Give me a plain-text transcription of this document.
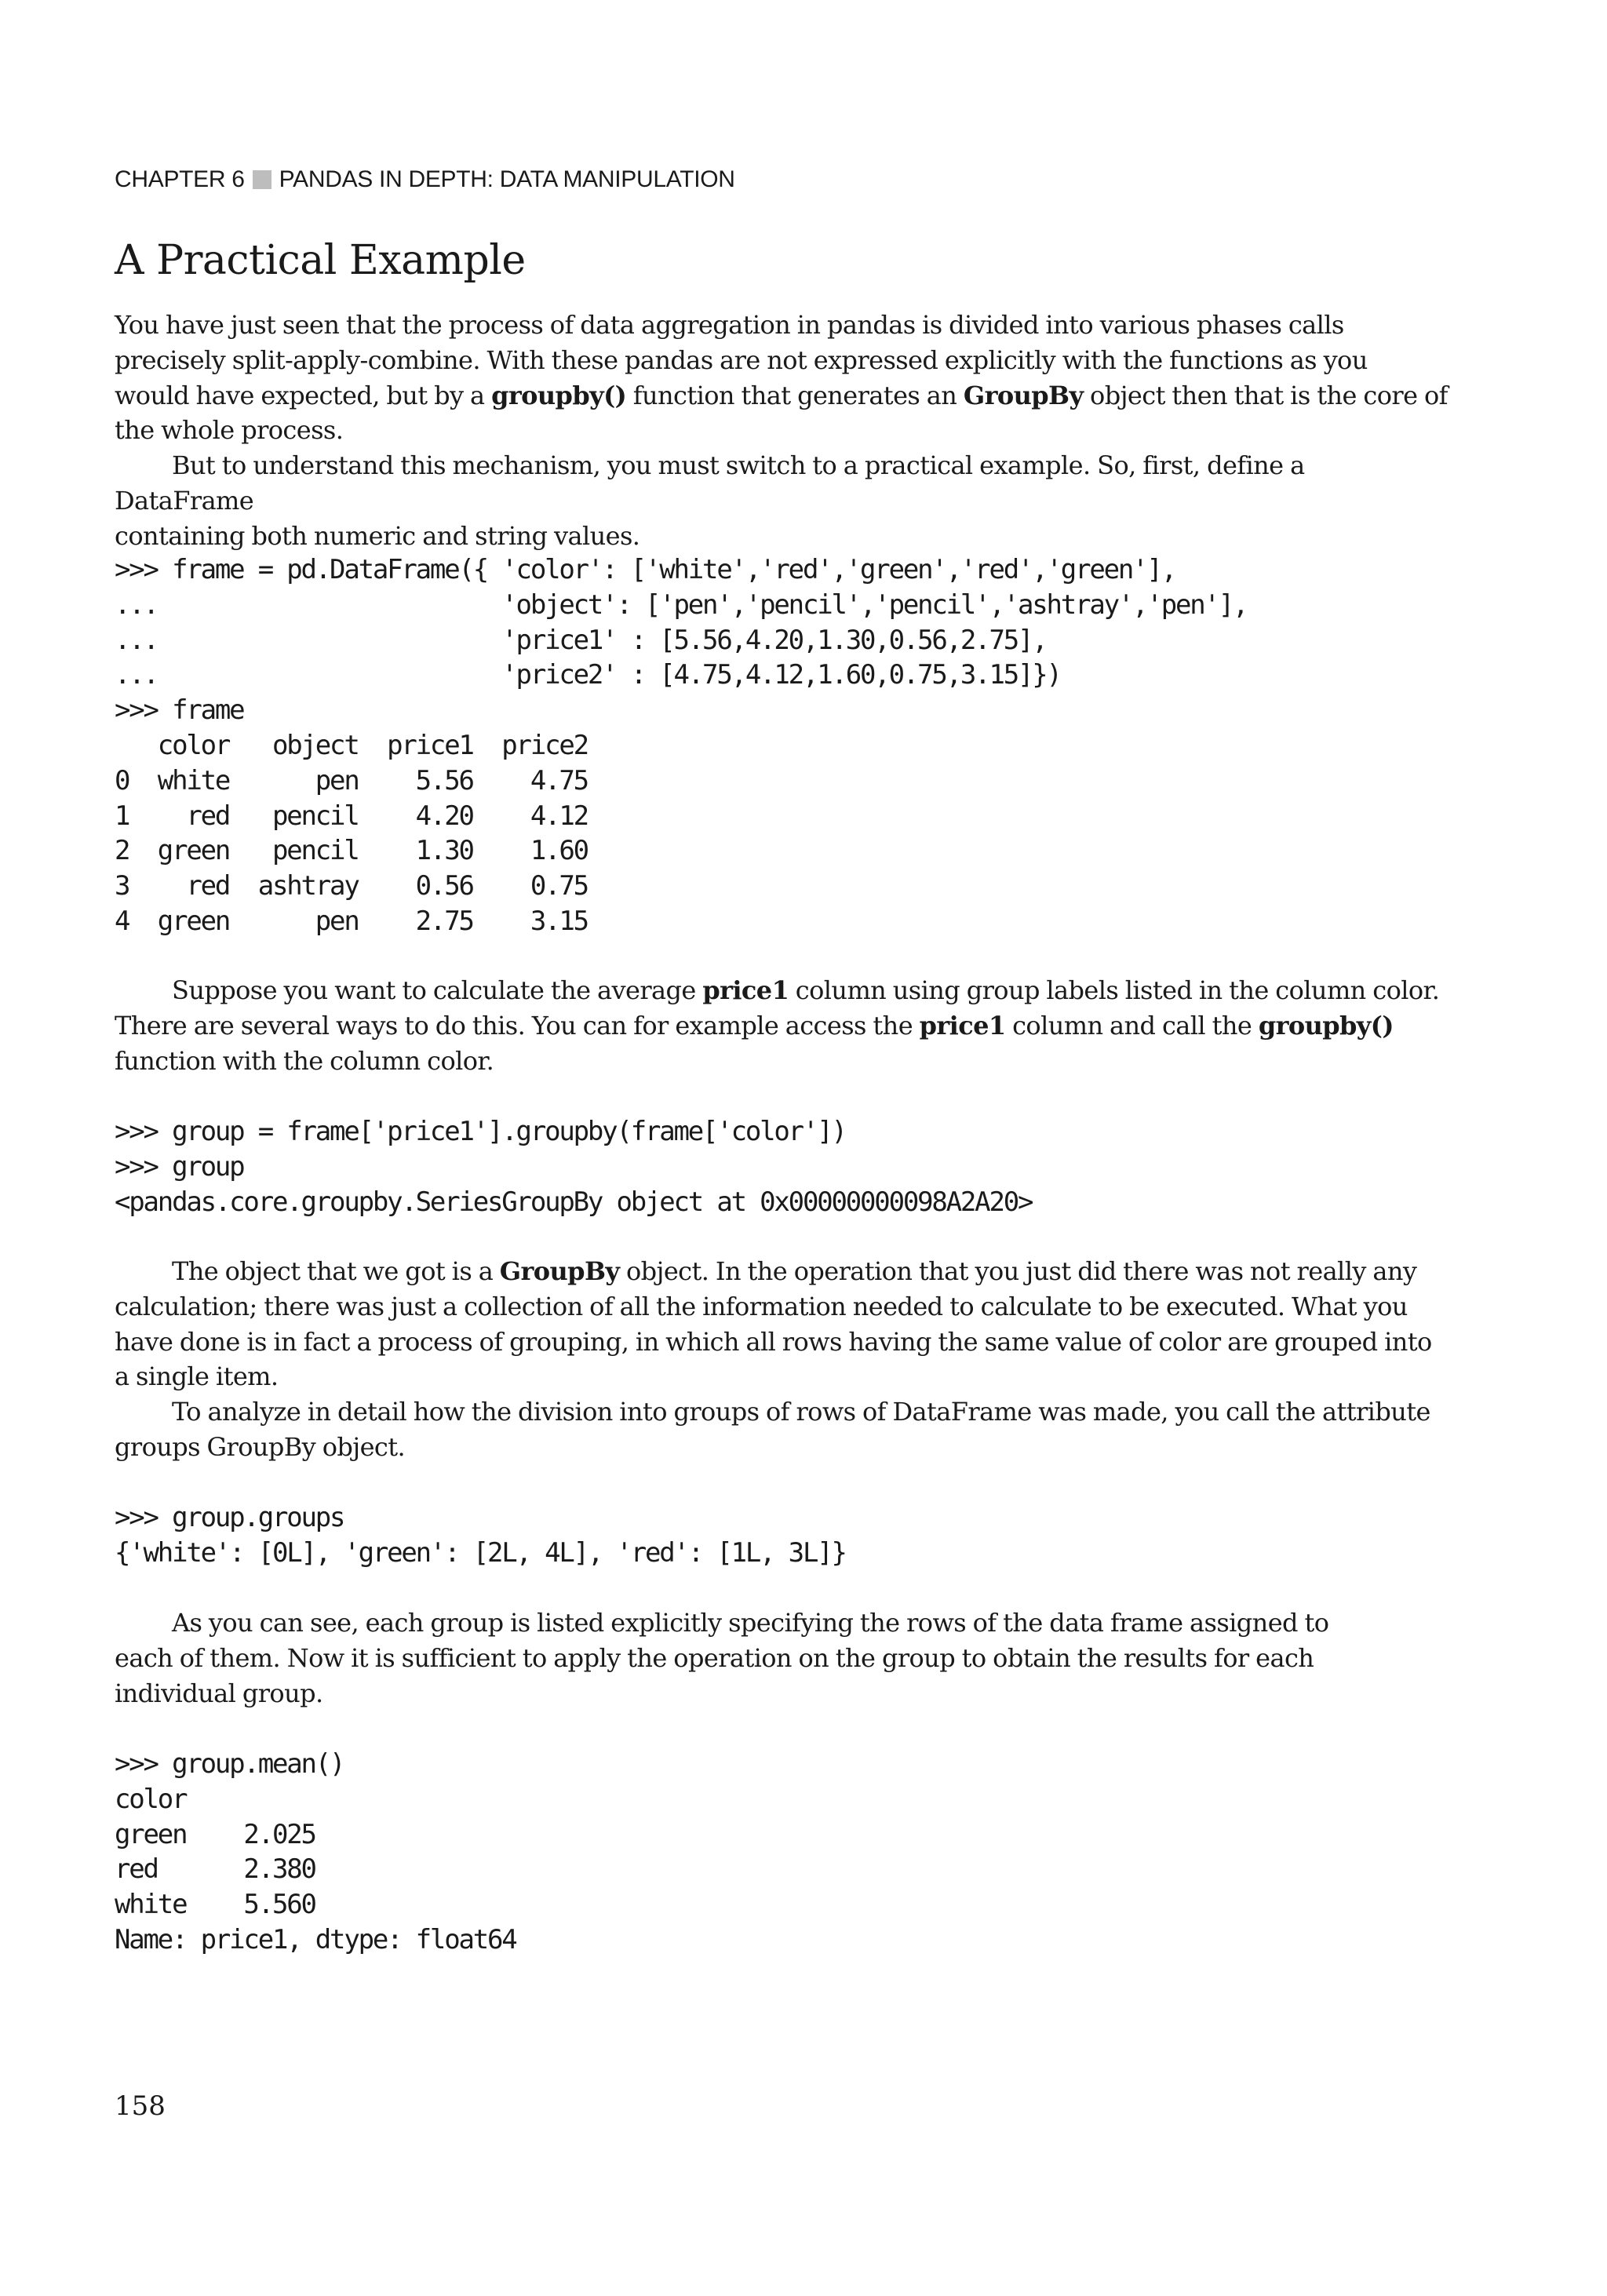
CHAPTER 6 PANDAS IN DEPTH: DATA MANIPULATION
A Practical Example

You have just seen that the process of data aggregation in pandas is divided into various phases calls
precisely split-apply-combine. With these pandas are not expressed explicitly with the functions as you
would have expected, but by a groupby() function that generates an GroupBy object then that is the core of
the whole process.

But to understand this mechanism, you must switch to a practical example. So, first, define a DataFrame
containing both numeric and string values.

>>> frame = pd.DataFrame({ 'color': ['white','red','green','red','green'],
...                        'object': ['pen','pencil','pencil','ashtray','pen'],
...                        'price1' : [5.56,4.20,1.30,0.56,2.75],
...                        'price2' : [4.75,4.12,1.60,0.75,3.15]})
>>> frame
color   object  price1  price2
0  white      pen    5.56    4.75
1    red   pencil    4.20    4.12
2  green   pencil    1.30    1.60
3    red  ashtray    0.56    0.75
4  green      pen    2.75    3.15

Suppose you want to calculate the average price1 column using group labels listed in the column color.
There are several ways to do this. You can for example access the price1 column and call the groupby()
function with the column color.

>>> group = frame['price1'].groupby(frame['color'])
>>> group
<pandas.core.groupby.SeriesGroupBy object at 0x00000000098A2A20>

The object that we got is a GroupBy object. In the operation that you just did there was not really any
calculation; there was just a collection of all the information needed to calculate to be executed. What you
have done is in fact a process of grouping, in which all rows having the same value of color are grouped into
a single item.

To analyze in detail how the division into groups of rows of DataFrame was made, you call the attribute
groups GroupBy object.

>>> group.groups
{'white': [0L], 'green': [2L, 4L], 'red': [1L, 3L]}

As you can see, each group is listed explicitly specifying the rows of the data frame assigned to
each of them. Now it is sufficient to apply the operation on the group to obtain the results for each
individual group.

>>> group.mean()
color
green    2.025
red      2.380
white    5.560
Name: price1, dtype: float64
158
